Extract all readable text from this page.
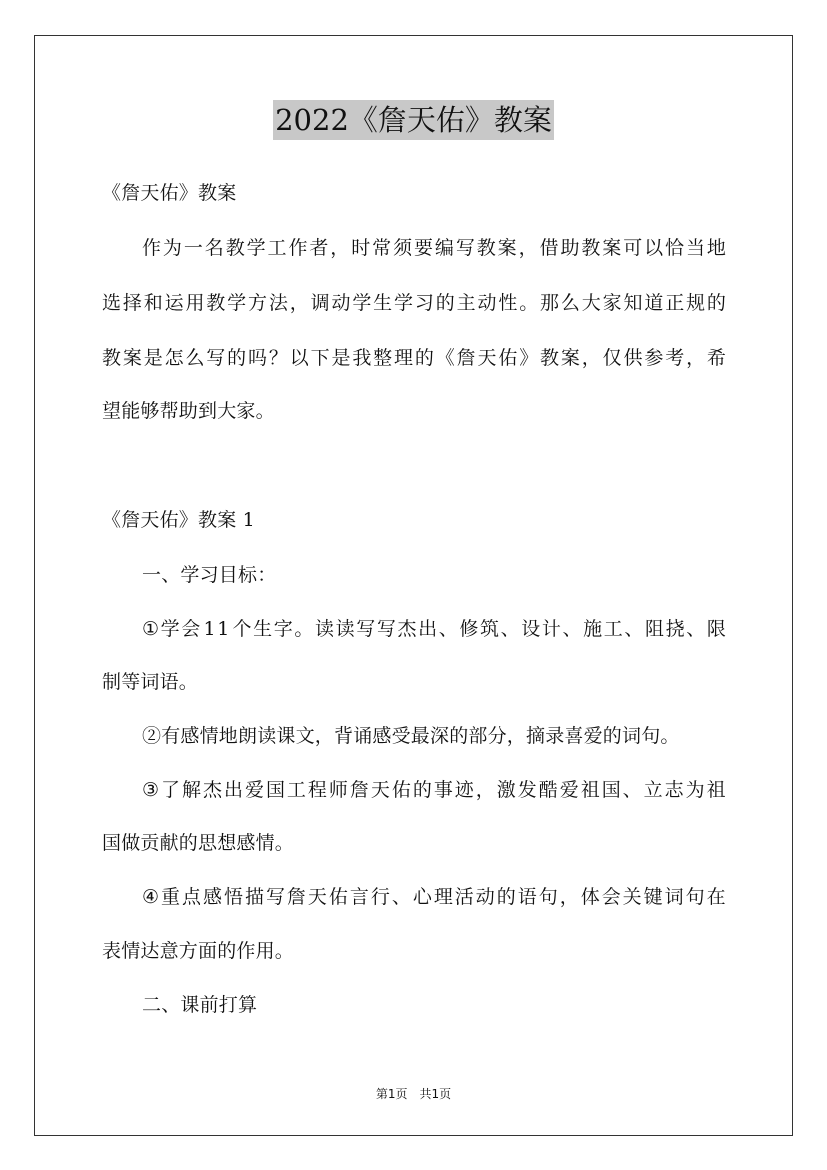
2022《詹天佑》教案
《詹天佑》教案
作 为 一 名 教 学 工 作 者 ， 时 常 须 要 编 写 教 案 ， 借 助 教 案 可 以 恰 当 地
选 择 和 运 用 教 学 方 法 ， 调 动 学 生 学 习 的 主 动 性 。 那 么 大 家 知 道 正 规 的
教 案 是 怎 么 写 的 吗 ？ 以 下 是 我 整 理 的 《 詹 天 佑 》 教 案 ， 仅 供 参 考 ， 希
望能够帮助到大家。
《詹天佑》教案 1
一、学习目标：
① 学 会 1 1 个 生 字 。 读 读 写 写 杰 出 、 修 筑 、 设 计 、 施 工 、 阻 挠 、 限
制等词语。
②有感情地朗读课文，背诵感受最深的部分，摘录喜爱的词句。
③ 了 解 杰 出 爱 国 工 程 师 詹 天 佑 的 事 迹 ， 激 发 酷 爱 祖 国 、 立 志 为 祖
国做贡献的思想感情。
④ 重 点 感 悟 描 写 詹 天 佑 言 行 、 心 理 活 动 的 语 句 ， 体 会 关 键 词 句 在
表情达意方面的作用。
二、课前打算
第1页　共1页
